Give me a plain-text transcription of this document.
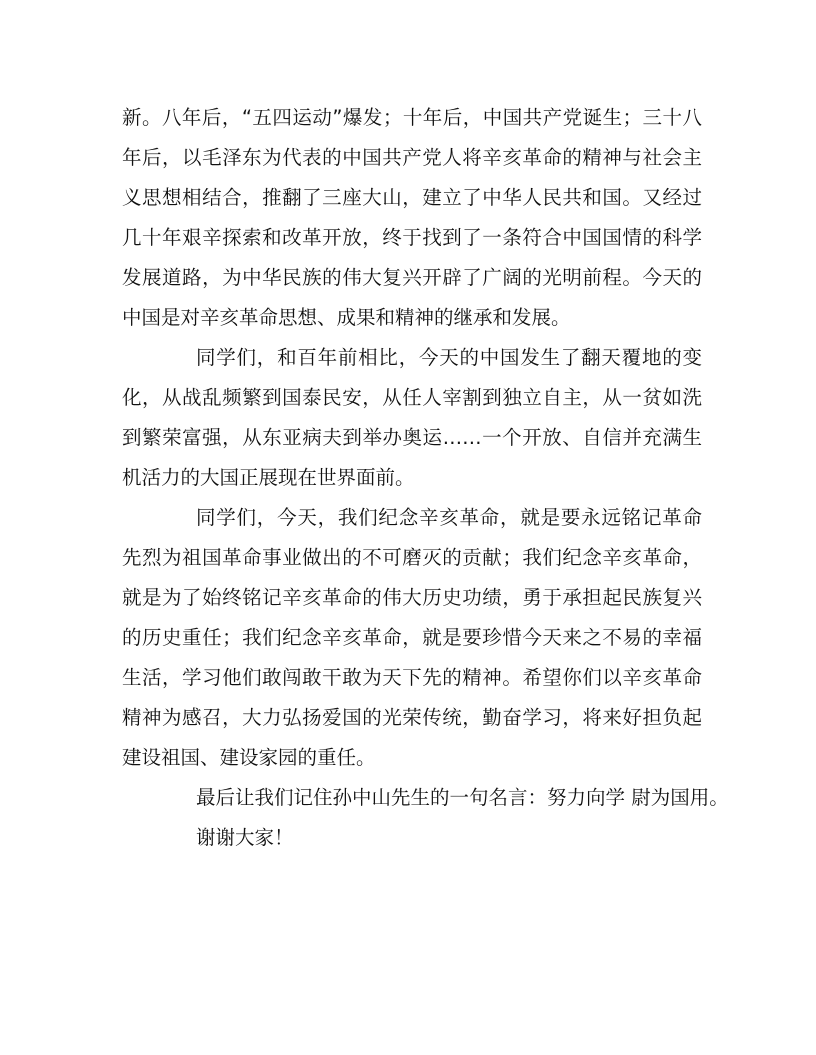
新。八年后，“五四运动”爆发；十年后，中国共产党诞生；三十八年后，以毛泽东为代表的中国共产党人将辛亥革命的精神与社会主义思想相结合，推翻了三座大山，建立了中华人民共和国。又经过几十年艰辛探索和改革开放，终于找到了一条符合中国国情的科学发展道路，为中华民族的伟大复兴开辟了广阔的光明前程。今天的中国是对辛亥革命思想、成果和精神的继承和发展。

同学们，和百年前相比，今天的中国发生了翻天覆地的变化，从战乱频繁到国泰民安，从任人宰割到独立自主，从一贫如洗到繁荣富强，从东亚病夫到举办奥运……一个开放、自信并充满生机活力的大国正展现在世界面前。

同学们，今天，我们纪念辛亥革命，就是要永远铭记革命先烈为祖国革命事业做出的不可磨灭的贡献；我们纪念辛亥革命，就是为了始终铭记辛亥革命的伟大历史功绩，勇于承担起民族复兴的历史重任；我们纪念辛亥革命，就是要珍惜今天来之不易的幸福生活，学习他们敢闯敢干敢为天下先的精神。希望你们以辛亥革命精神为感召，大力弘扬爱国的光荣传统，勤奋学习，将来好担负起建设祖国、建设家园的重任。

最后让我们记住孙中山先生的一句名言：努力向学 尉为国用。
谢谢大家！
